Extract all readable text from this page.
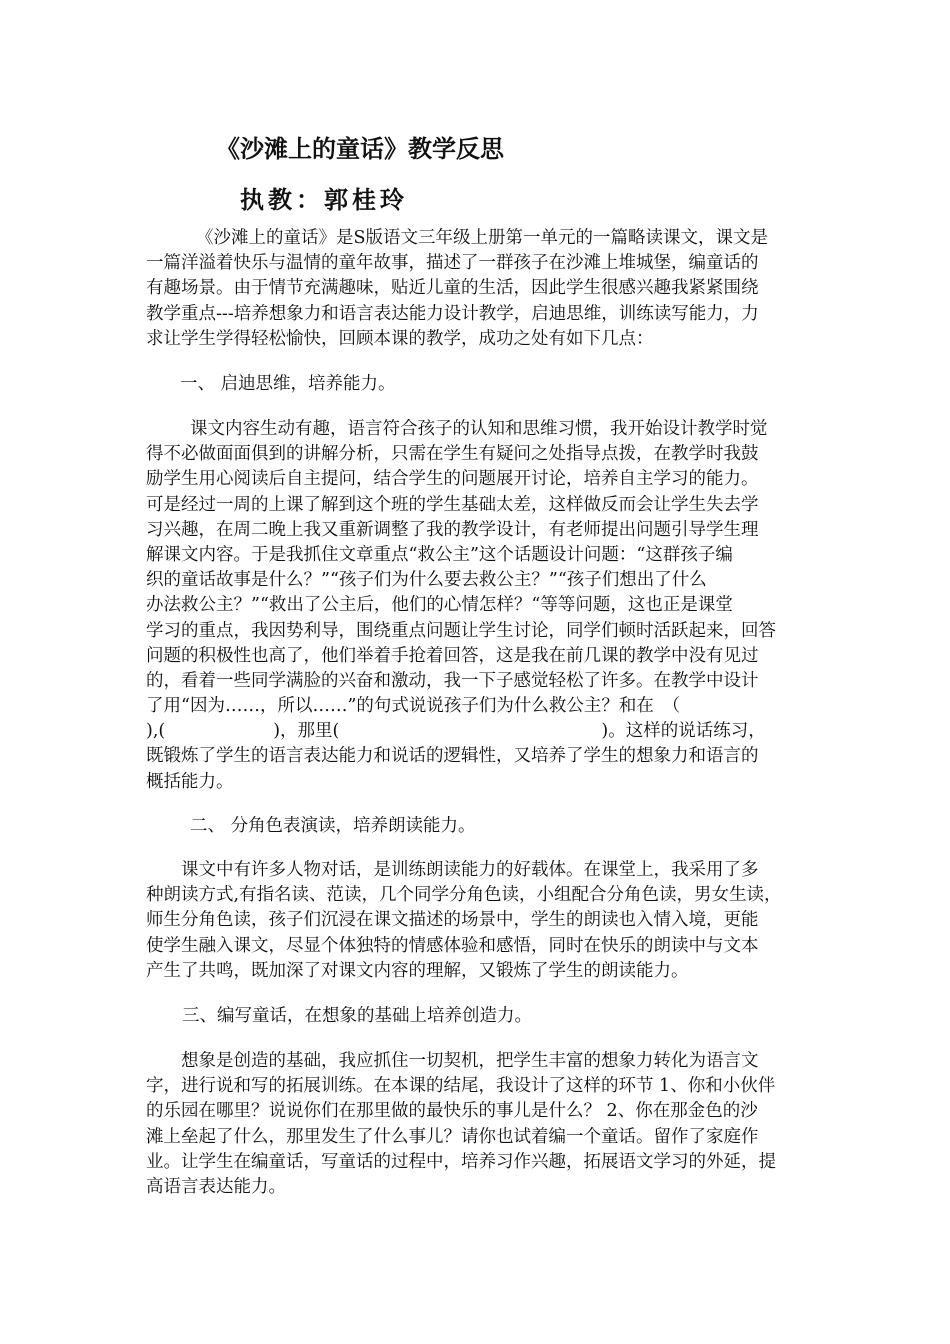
《沙滩上的童话》教学反思
执教：郭桂玲
《沙滩上的童话》是S版语文三年级上册第一单元的一篇略读课文，课文是
一篇洋溢着快乐与温情的童年故事，描述了一群孩子在沙滩上堆城堡，编童话的
有趣场景。由于情节充满趣味，贴近儿童的生活，因此学生很感兴趣我紧紧围绕
教学重点---培养想象力和语言表达能力设计教学，启迪思维，训练读写能力，力
求让学生学得轻松愉快，回顾本课的教学，成功之处有如下几点：
一、 启迪思维，培养能力。
课文内容生动有趣，语言符合孩子的认知和思维习惯，我开始设计教学时觉
得不必做面面俱到的讲解分析，只需在学生有疑问之处指导点拨，在教学时我鼓
励学生用心阅读后自主提问，结合学生的问题展开讨论，培养自主学习的能力。
可是经过一周的上课了解到这个班的学生基础太差，这样做反而会让学生失去学
习兴趣，在周二晚上我又重新调整了我的教学设计，有老师提出问题引导学生理
解课文内容。于是我抓住文章重点“救公主”这个话题设计问题：“这群孩子编
织的童话故事是什么？”“孩子们为什么要去救公主？”“孩子们想出了什么
办法救公主？”“救出了公主后，他们的心情怎样？“等等问题，这也正是课堂
学习的重点，我因势利导，围绕重点问题让学生讨论，同学们顿时活跃起来，回答
问题的积极性也高了，他们举着手抢着回答，这是我在前几课的教学中没有见过
的，看着一些同学满脸的兴奋和激动，我一下子感觉轻松了许多。在教学中设计
了用“因为……，所以……”的句式说说孩子们为什么救公主？和在　（
),(	)，那里(	)。这样的说话练习，
既锻炼了学生的语言表达能力和说话的逻辑性，又培养了学生的想象力和语言的
概括能力。
二、 分角色表演读，培养朗读能力。
课文中有许多人物对话，是训练朗读能力的好载体。在课堂上，我采用了多
种朗读方式,有指名读、范读，几个同学分角色读，小组配合分角色读，男女生读，
师生分角色读，孩子们沉浸在课文描述的场景中，学生的朗读也入情入境，更能
使学生融入课文，尽显个体独特的情感体验和感悟，同时在快乐的朗读中与文本
产生了共鸣，既加深了对课文内容的理解，又锻炼了学生的朗读能力。
三、编写童话，在想象的基础上培养创造力。
想象是创造的基础，我应抓住一切契机，把学生丰富的想象力转化为语言文
字，进行说和写的拓展训练。在本课的结尾，我设计了这样的环节 1、你和小伙伴
的乐园在哪里？说说你们在那里做的最快乐的事儿是什么？ 2、你在那金色的沙
滩上垒起了什么，那里发生了什么事儿？请你也试着编一个童话。留作了家庭作
业。让学生在编童话，写童话的过程中，培养习作兴趣，拓展语文学习的外延，提
高语言表达能力。
